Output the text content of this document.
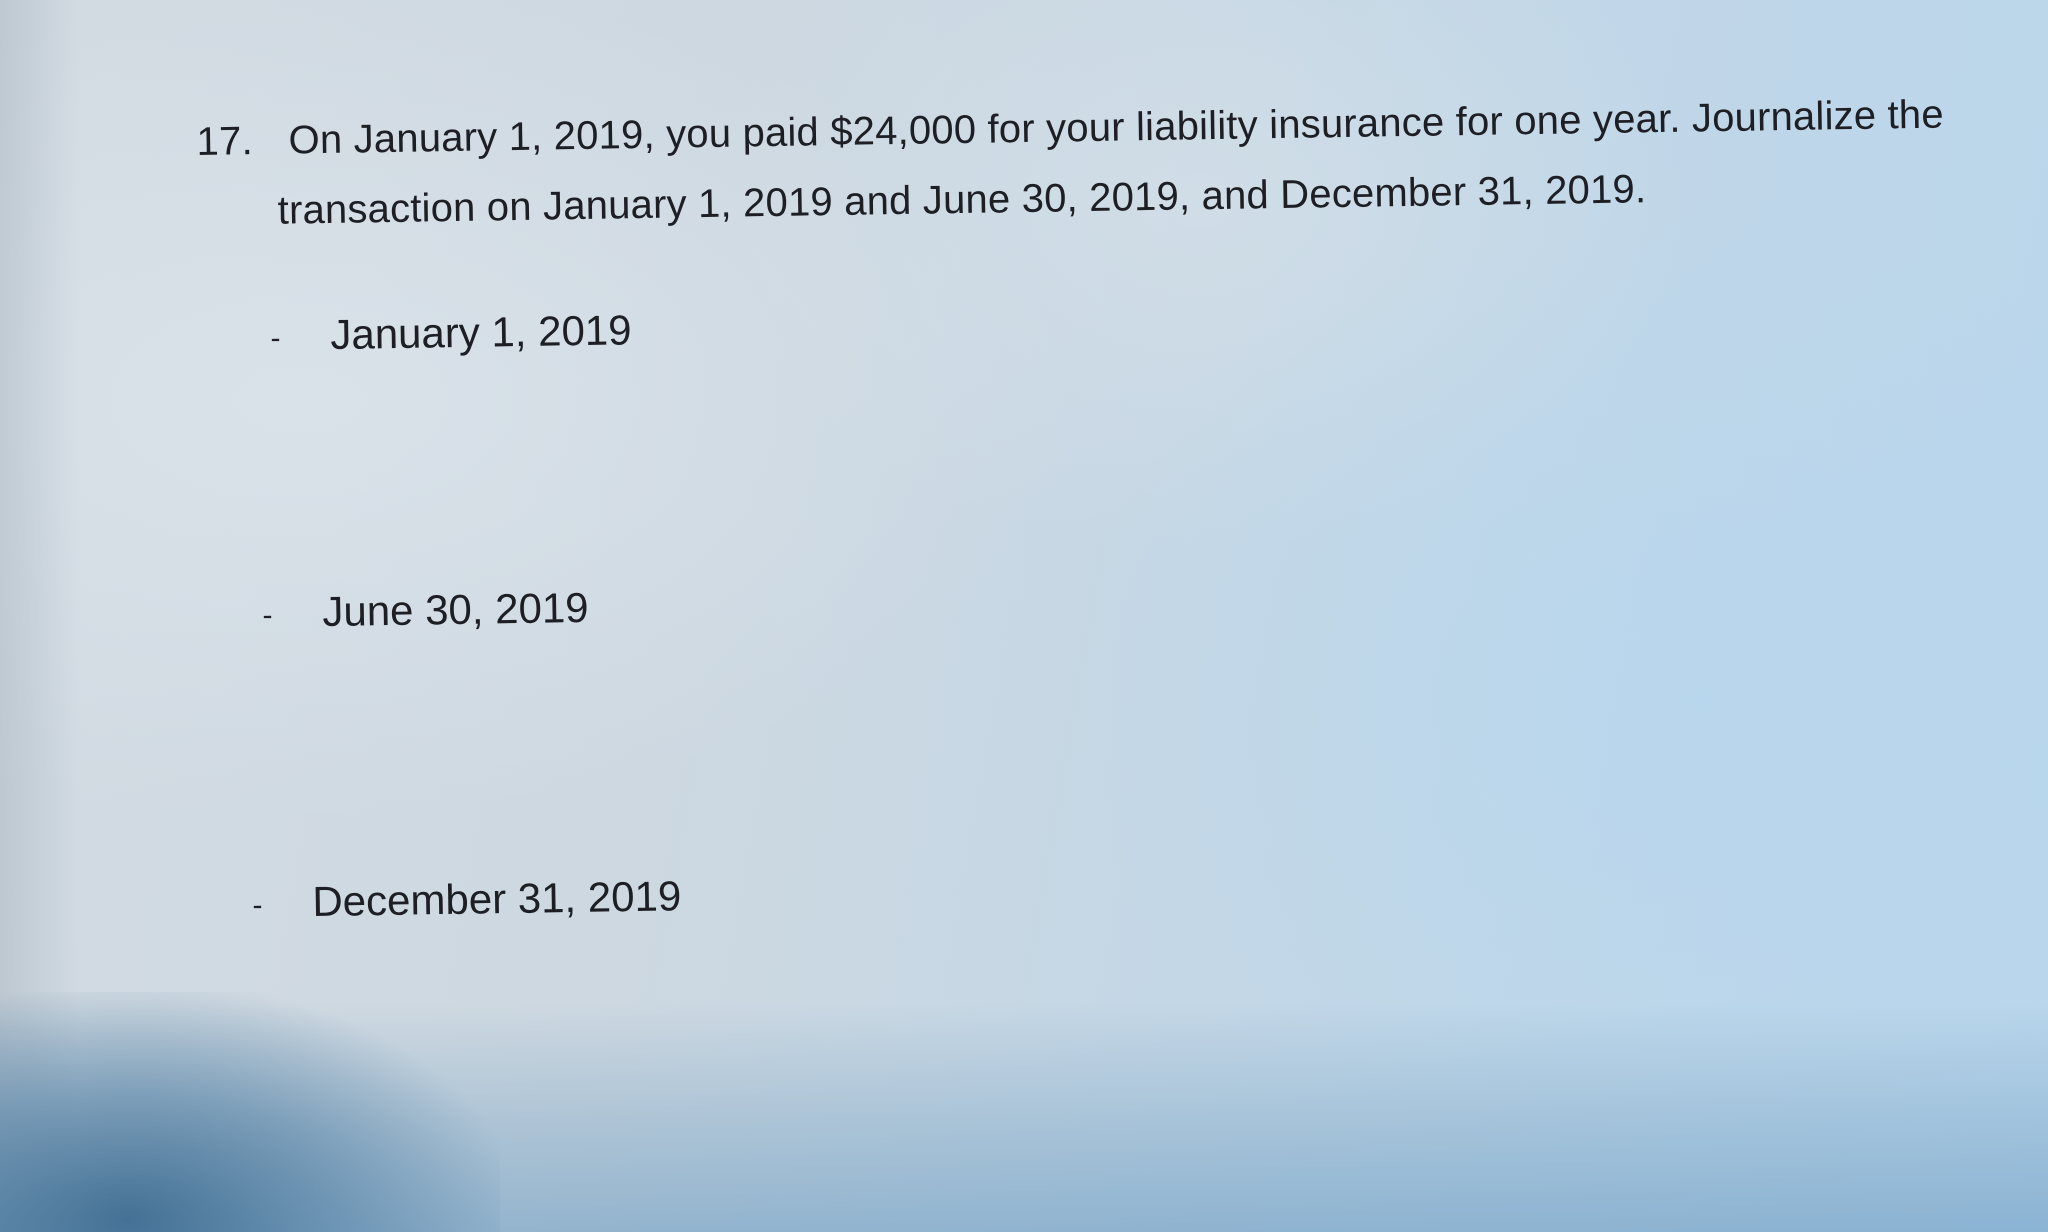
17. On January 1, 2019, you paid $24,000 for your liability insurance for one year. Journalize the
transaction on January 1, 2019 and June 30, 2019, and December 31, 2019.
- January 1, 2019
- June 30, 2019
- December 31, 2019
